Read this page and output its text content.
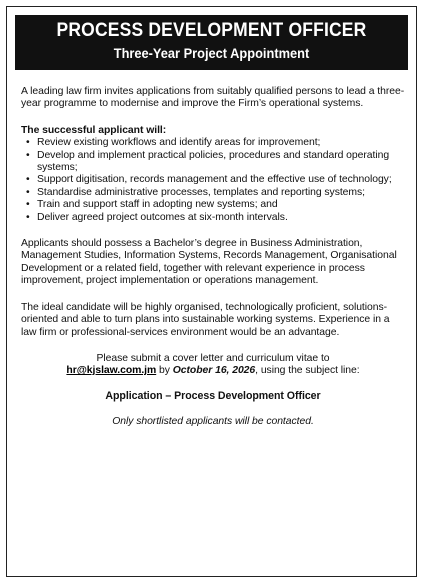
PROCESS DEVELOPMENT OFFICER
Three-Year Project Appointment

A leading law firm invites applications from suitably qualified persons to lead a three-year programme to modernise and improve the Firm’s operational systems.

The successful applicant will:

• Review existing workflows and identify areas for improvement;
• Develop and implement practical policies, procedures and standard operating systems;
• Support digitisation, records management and the effective use of technology;
• Standardise administrative processes, templates and reporting systems;
• Train and support staff in adopting new systems; and
• Deliver agreed project outcomes at six-month intervals.

Applicants should possess a Bachelor’s degree in Business Administration, Management Studies, Information Systems, Records Management, Organisational Development or a related field, together with relevant experience in process improvement, project implementation or operations management.

The ideal candidate will be highly organised, technologically proficient, solutions-oriented and able to turn plans into sustainable working systems. Experience in a law firm or professional-services environment would be an advantage.

Please submit a cover letter and curriculum vitae to
hr@kjslaw.com.jm by October 16, 2026, using the subject line:

Application – Process Development Officer

Only shortlisted applicants will be contacted.
